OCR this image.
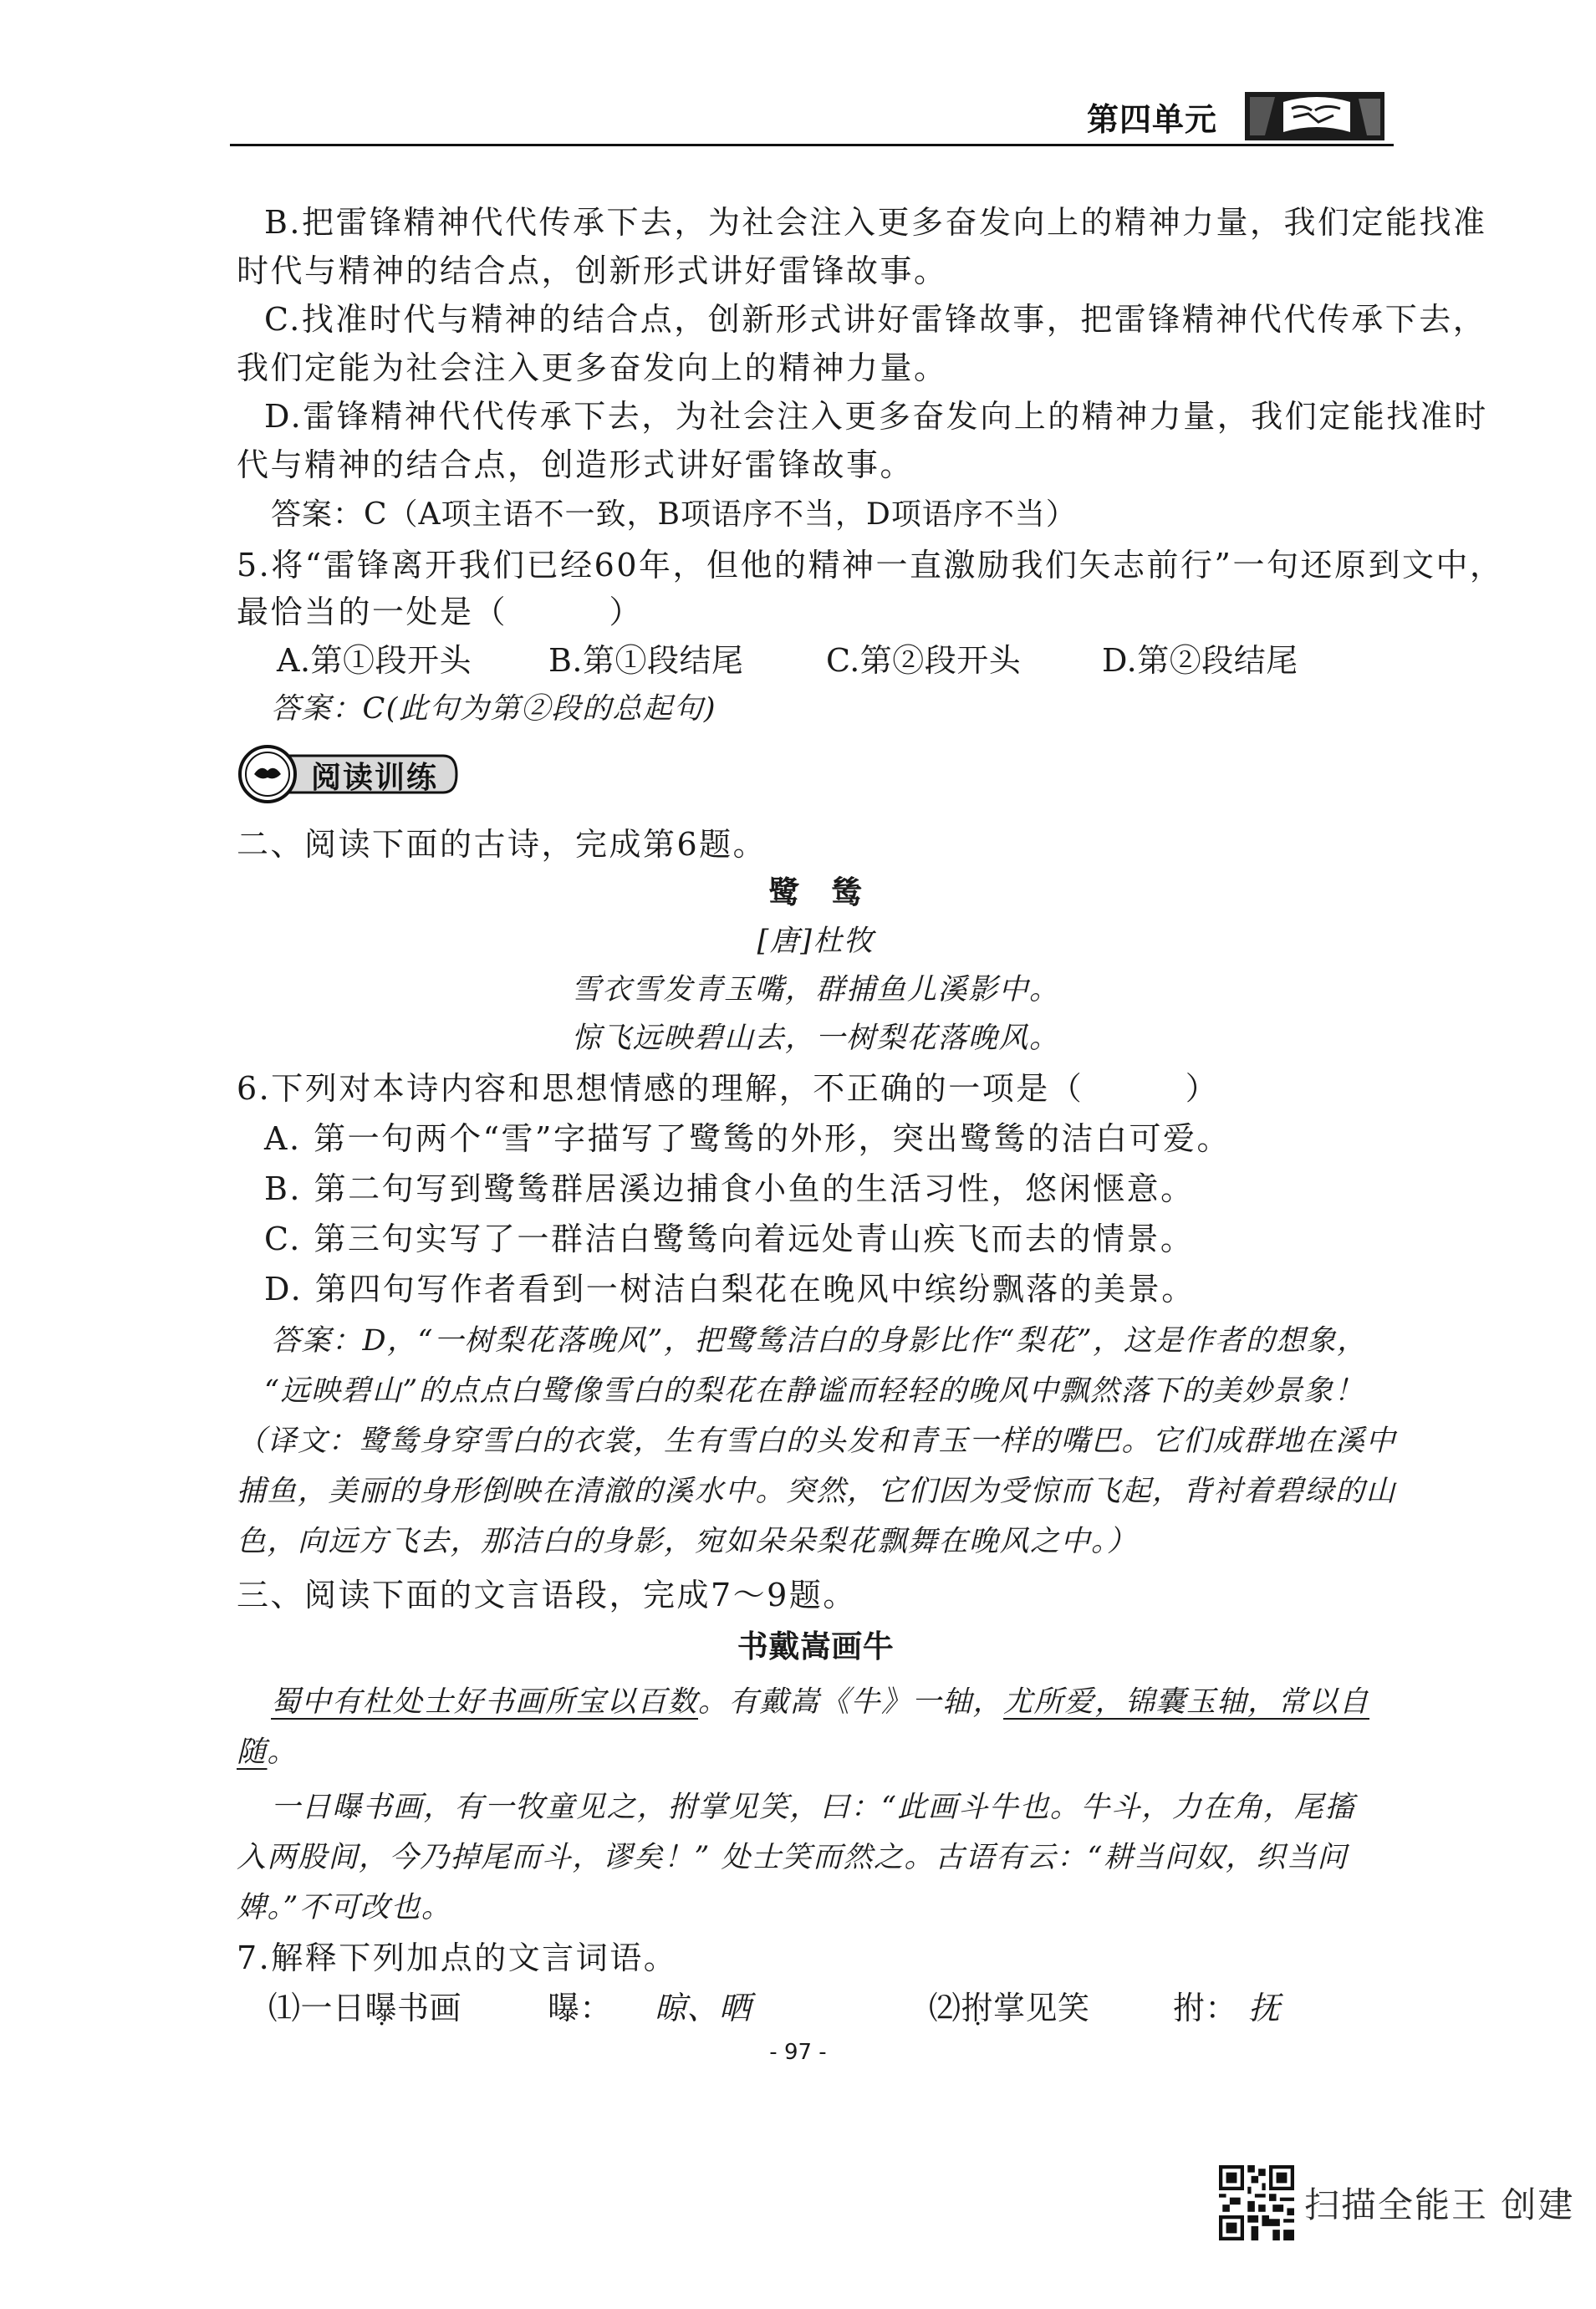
第四单元
B.把雷锋精神代代传承下去，为社会注入更多奋发向上的精神力量，我们定能找准
时代与精神的结合点，创新形式讲好雷锋故事。
C.找准时代与精神的结合点，创新形式讲好雷锋故事，把雷锋精神代代传承下去，
我们定能为社会注入更多奋发向上的精神力量。
D.雷锋精神代代传承下去，为社会注入更多奋发向上的精神力量，我们定能找准时
代与精神的结合点，创造形式讲好雷锋故事。
答案：C（A项主语不一致，B项语序不当，D项语序不当）
5.将“雷锋离开我们已经60年，但他的精神一直激励我们矢志前行”一句还原到文中，
最恰当的一处是（　　　）
A.第①段开头 B.第①段结尾	C.第②段开头	D.第②段结尾
答案：C(此句为第②段的总起句)
阅读训练
二、阅读下面的古诗，完成第6题。
鹭　鸶
[唐]杜牧
雪衣雪发青玉嘴，群捕鱼儿溪影中。
惊飞远映碧山去，一树梨花落晚风。
6.下列对本诗内容和思想情感的理解，不正确的一项是（　　　）
A. 第一句两个“雪”字描写了鹭鸶的外形，突出鹭鸶的洁白可爱。
B. 第二句写到鹭鸶群居溪边捕食小鱼的生活习性，悠闲惬意。
C. 第三句实写了一群洁白鹭鸶向着远处青山疾飞而去的情景。
D. 第四句写作者看到一树洁白梨花在晚风中缤纷飘落的美景。
答案：D，“一树梨花落晚风”，把鹭鸶洁白的身影比作“梨花”，这是作者的想象，
“远映碧山”的点点白鹭像雪白的梨花在静谧而轻轻的晚风中飘然落下的美妙景象！
（译文：鹭鸶身穿雪白的衣裳，生有雪白的头发和青玉一样的嘴巴。它们成群地在溪中
捕鱼，美丽的身形倒映在清澈的溪水中。突然，它们因为受惊而飞起，背衬着碧绿的山
色，向远方飞去，那洁白的身影，宛如朵朵梨花飘舞在晚风之中。）
三、阅读下面的文言语段，完成7～9题。
书戴嵩画牛
蜀中有杜处士好书画所宝以百数。有戴嵩《牛》一轴，尤所爱，锦囊玉轴，常以自
随。
一日曝书画，有一牧童见之，拊掌见笑，曰：“此画斗牛也。牛斗，力在角，尾搐
入两股间，今乃掉尾而斗，谬矣！” 处士笑而然之。古语有云：“耕当问奴，织当问
婢。”不可改也。
7.解释下列加点的文言词语。
⑴一日曝书画	曝： 晾、晒	⑵拊掌见笑	拊： 抚
- 97 -
扫描全能王 创建
